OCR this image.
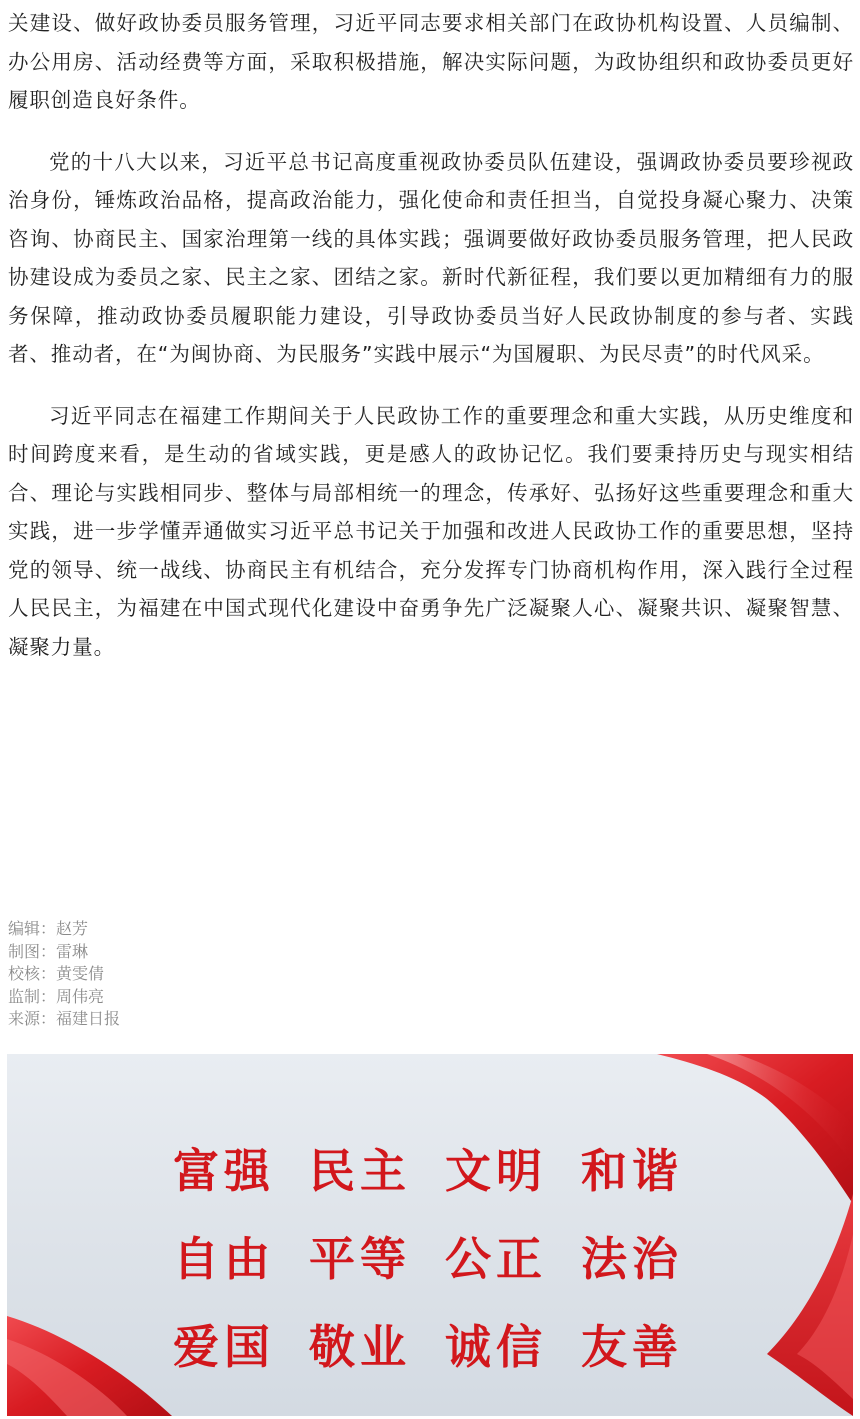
关建设、做好政协委员服务管理，习近平同志要求相关部门在政协机构设置、人员编制、办公用房、活动经费等方面，采取积极措施，解决实际问题，为政协组织和政协委员更好履职创造良好条件。

党的十八大以来，习近平总书记高度重视政协委员队伍建设，强调政协委员要珍视政治身份，锤炼政治品格，提高政治能力，强化使命和责任担当，自觉投身凝心聚力、决策咨询、协商民主、国家治理第一线的具体实践；强调要做好政协委员服务管理，把人民政协建设成为委员之家、民主之家、团结之家。新时代新征程，我们要以更加精细有力的服务保障，推动政协委员履职能力建设，引导政协委员当好人民政协制度的参与者、实践者、推动者，在“为闽协商、为民服务”实践中展示“为国履职、为民尽责”的时代风采。

习近平同志在福建工作期间关于人民政协工作的重要理念和重大实践，从历史维度和时间跨度来看，是生动的省域实践，更是感人的政协记忆。我们要秉持历史与现实相结合、理论与实践相同步、整体与局部相统一的理念，传承好、弘扬好这些重要理念和重大实践，进一步学懂弄通做实习近平总书记关于加强和改进人民政协工作的重要思想，坚持党的领导、统一战线、协商民主有机结合，充分发挥专门协商机构作用，深入践行全过程人民民主，为福建在中国式现代化建设中奋勇争先广泛凝聚人心、凝聚共识、凝聚智慧、凝聚力量。

编辑：赵芳
制图：雷琳
校核：黄雯倩
监制：周伟亮
来源：福建日报
富强 民主 文明 和谐
自由 平等 公正 法治
爱国 敬业 诚信 友善
